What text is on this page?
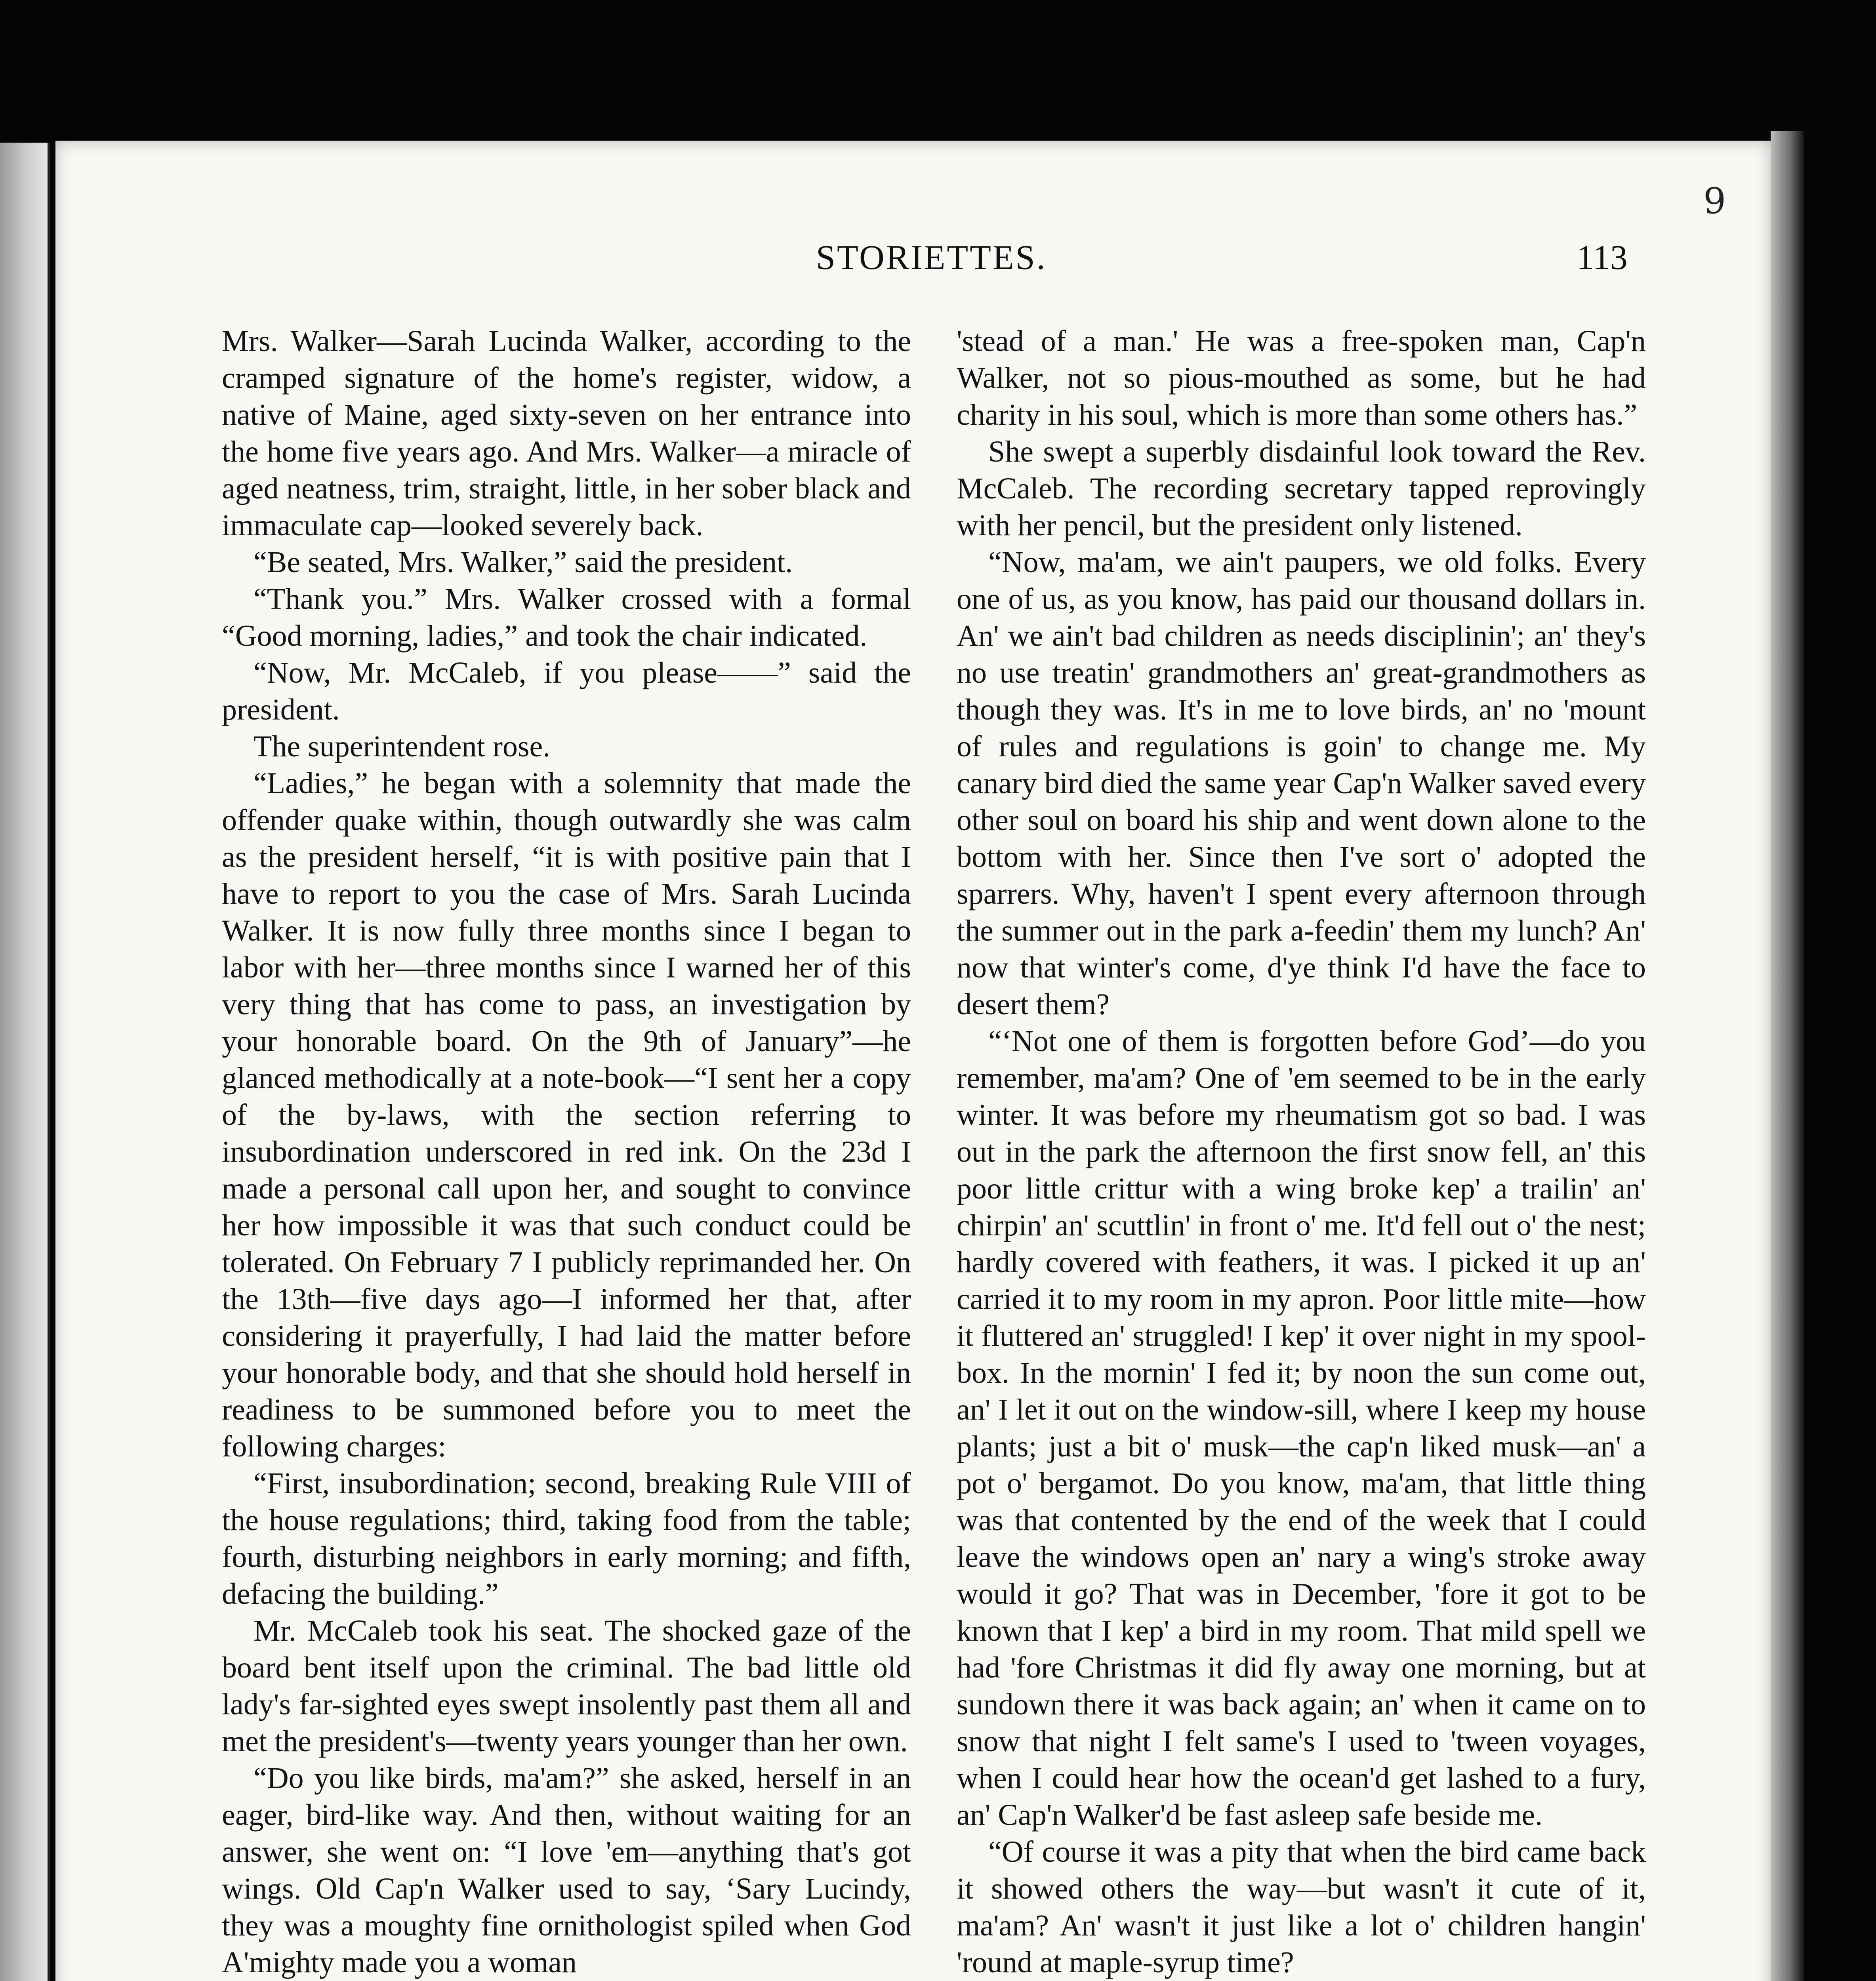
9
STORIETTES.	113

Mrs. Walker—Sarah Lucinda Walker, according to the cramped signature of the home's register, widow, a native of Maine, aged sixty-seven on her entrance into the home five years ago. And Mrs. Walker—a miracle of aged neatness, trim, straight, little, in her sober black and immaculate cap—looked severely back.

“Be seated, Mrs. Walker,” said the president.

“Thank you.” Mrs. Walker crossed with a formal “Good morning, ladies,” and took the chair indicated.

“Now, Mr. McCaleb, if you please——” said the president.

The superintendent rose.

“Ladies,” he began with a solemnity that made the offender quake within, though outwardly she was calm as the president herself, “it is with positive pain that I have to report to you the case of Mrs. Sarah Lucinda Walker. It is now fully three months since I began to labor with her—three months since I warned her of this very thing that has come to pass, an investigation by your honorable board. On the 9th of January”—he glanced methodically at a note-book—“I sent her a copy of the by-laws, with the section referring to insubordination underscored in red ink. On the 23d I made a personal call upon her, and sought to convince her how impossible it was that such conduct could be tolerated. On February 7 I publicly reprimanded her. On the 13th—five days ago—I informed her that, after considering it prayerfully, I had laid the matter before your honorable body, and that she should hold herself in readiness to be summoned before you to meet the following charges:

“First, insubordination; second, breaking Rule VIII of the house regulations; third, taking food from the table; fourth, disturbing neighbors in early morning; and fifth, defacing the building.”

Mr. McCaleb took his seat. The shocked gaze of the board bent itself upon the criminal. The bad little old lady's far-sighted eyes swept insolently past them all and met the president's—twenty years younger than her own.

“Do you like birds, ma'am?” she asked, herself in an eager, bird-like way. And then, without waiting for an answer, she went on: “I love 'em—anything that's got wings. Old Cap'n Walker used to say, ‘Sary Lucindy, they was a moughty fine ornithologist spiled when God A'mighty made you a woman

'stead of a man.' He was a free-spoken man, Cap'n Walker, not so pious-mouthed as some, but he had charity in his soul, which is more than some others has.”

She swept a superbly disdainful look toward the Rev. McCaleb. The recording secretary tapped reprovingly with her pencil, but the president only listened.

“Now, ma'am, we ain't paupers, we old folks. Every one of us, as you know, has paid our thousand dollars in. An' we ain't bad children as needs disciplinin'; an' they's no use treatin' grandmothers an' great-grandmothers as though they was. It's in me to love birds, an' no 'mount of rules and regulations is goin' to change me. My canary bird died the same year Cap'n Walker saved every other soul on board his ship and went down alone to the bottom with her. Since then I've sort o' adopted the sparrers. Why, haven't I spent every afternoon through the summer out in the park a-feedin' them my lunch? An' now that winter's come, d'ye think I'd have the face to desert them?

“‘Not one of them is forgotten before God’—do you remember, ma'am? One of 'em seemed to be in the early winter. It was before my rheumatism got so bad. I was out in the park the afternoon the first snow fell, an' this poor little crittur with a wing broke kep' a trailin' an' chirpin' an' scuttlin' in front o' me. It'd fell out o' the nest; hardly covered with feathers, it was. I picked it up an' carried it to my room in my apron. Poor little mite—how it fluttered an' struggled! I kep' it over night in my spool-box. In the mornin' I fed it; by noon the sun come out, an' I let it out on the window-sill, where I keep my house plants; just a bit o' musk—the cap'n liked musk—an' a pot o' bergamot. Do you know, ma'am, that little thing was that contented by the end of the week that I could leave the windows open an' nary a wing's stroke away would it go? That was in December, 'fore it got to be known that I kep' a bird in my room. That mild spell we had 'fore Christmas it did fly away one morning, but at sundown there it was back again; an' when it came on to snow that night I felt same's I used to 'tween voyages, when I could hear how the ocean'd get lashed to a fury, an' Cap'n Walker'd be fast asleep safe beside me.

“Of course it was a pity that when the bird came back it showed others the way—but wasn't it cute of it, ma'am? An' wasn't it just like a lot o' children hangin' 'round at maple-syrup time?
